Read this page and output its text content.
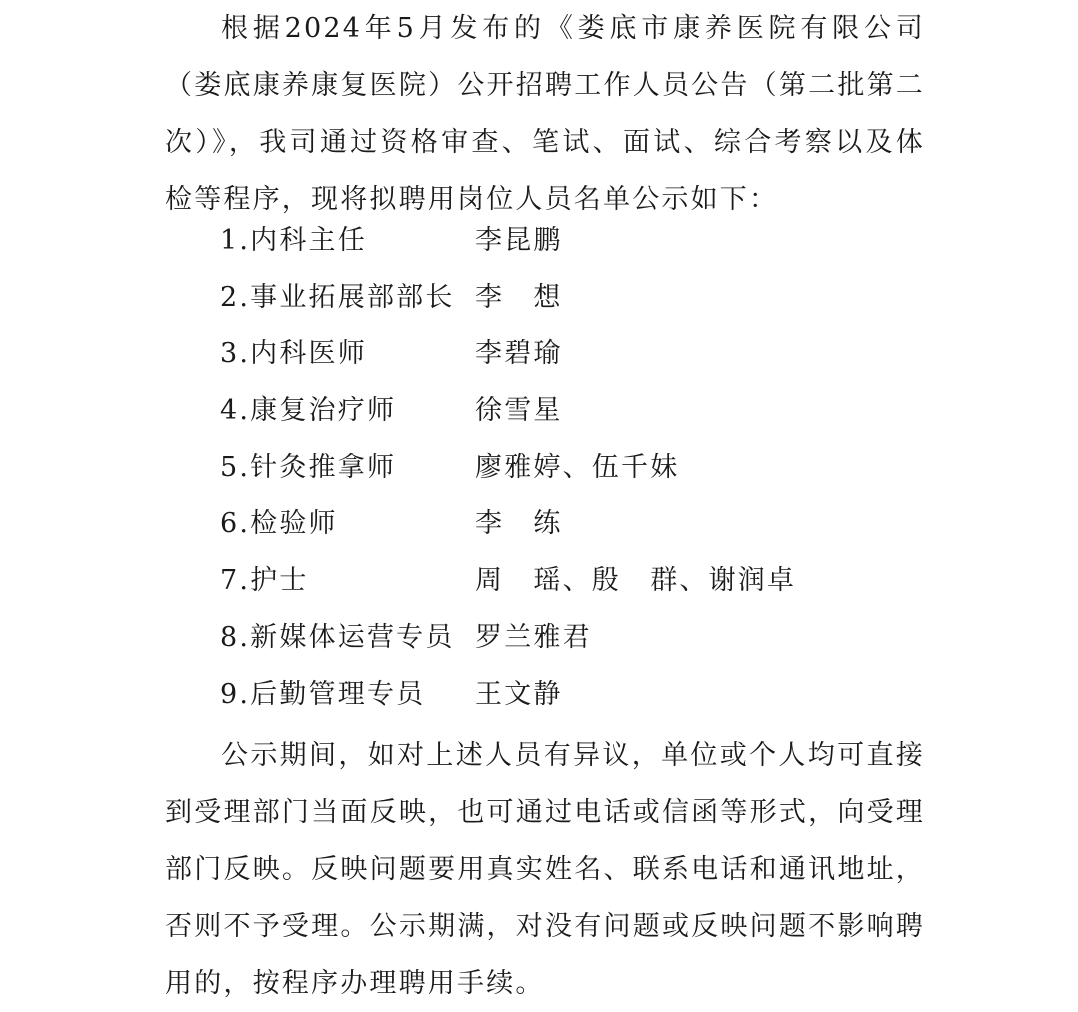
根据2024年5月发布的《娄底市康养医院有限公司（娄底康养康复医院）公开招聘工作人员公告（第二批第二次）》，我司通过资格审查、笔试、面试、综合考察以及体检等程序，现将拟聘用岗位人员名单公示如下：

1.内科主任	李昆鹏
2.事业拓展部部长 李　想
3.内科医师	李碧瑜
4.康复治疗师	徐雪星
5.针灸推拿师	廖雅婷、伍千妹
6.检验师	李　练
7.护士	周　瑶、殷　群、谢润卓
8.新媒体运营专员 罗兰雅君
9.后勤管理专员 王文静

公示期间，如对上述人员有异议，单位或个人均可直接到受理部门当面反映，也可通过电话或信函等形式，向受理部门反映。反映问题要用真实姓名、联系电话和通讯地址，否则不予受理。公示期满，对没有问题或反映问题不影响聘用的，按程序办理聘用手续。
